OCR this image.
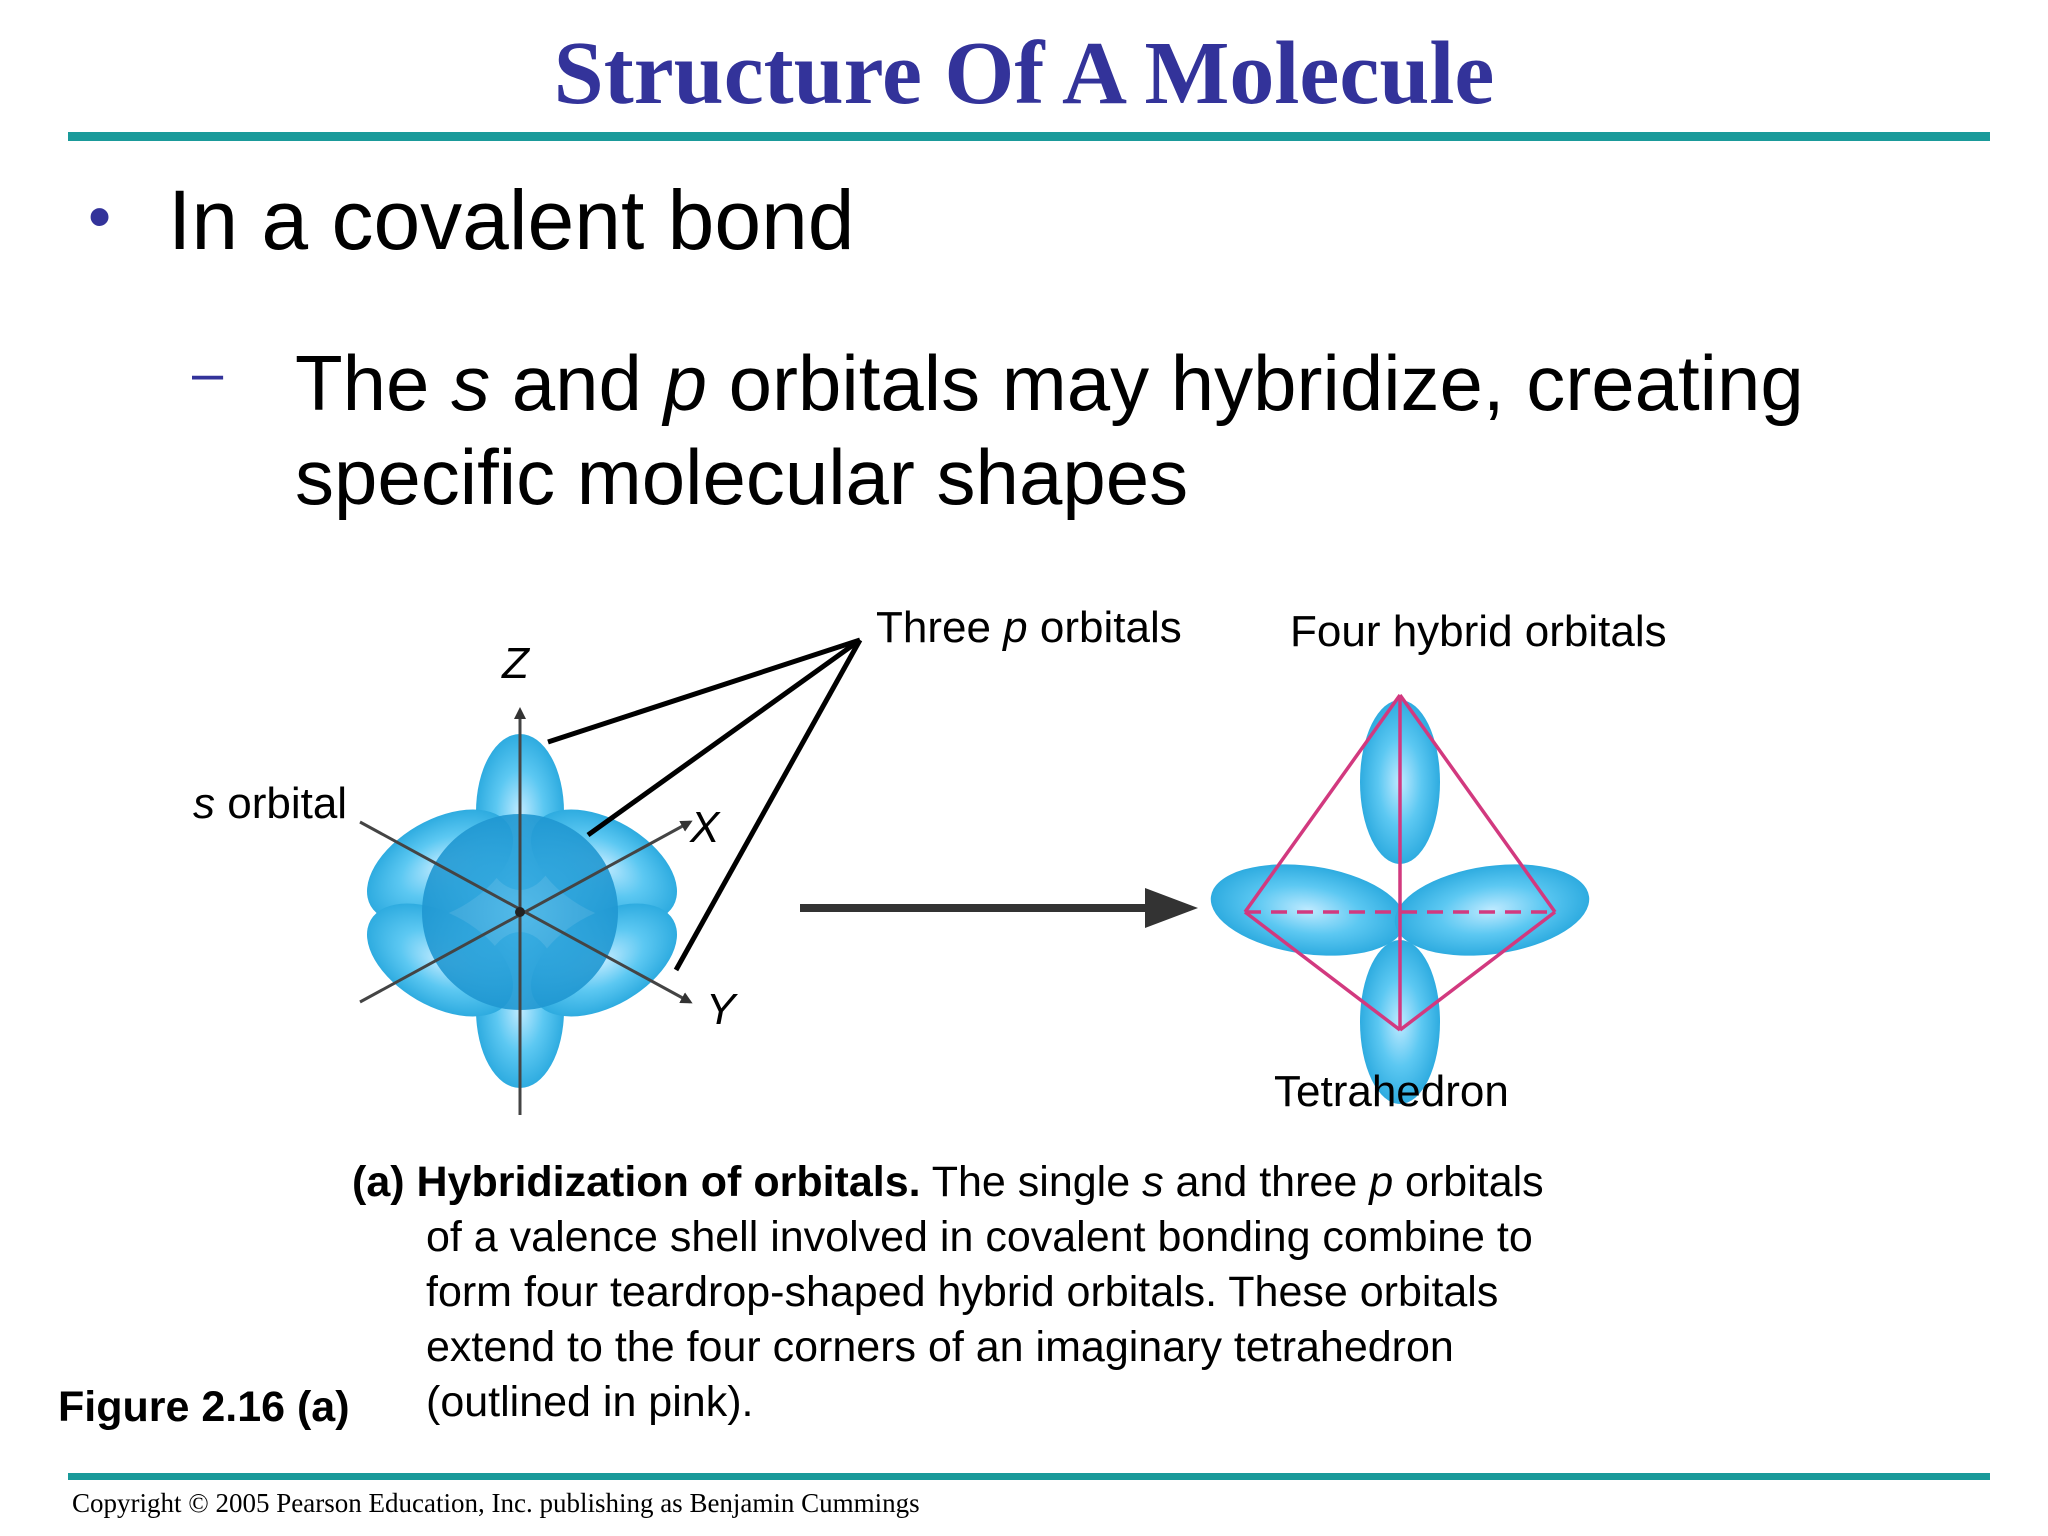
Structure Of A Molecule
• In a covalent bond
– The s and p orbitals may hybridize, creating
specific molecular shapes
Z
X
Y
s orbital
Three p orbitals Four hybrid orbitals
Tetrahedron
(a) Hybridization of orbitals. The single s and three p orbitals
of a valence shell involved in covalent bonding combine to
form four teardrop-shaped hybrid orbitals. These orbitals
extend to the four corners of an imaginary tetrahedron
(outlined in pink).
Figure 2.16 (a)
Copyright © 2005 Pearson Education, Inc. publishing as Benjamin Cummings
